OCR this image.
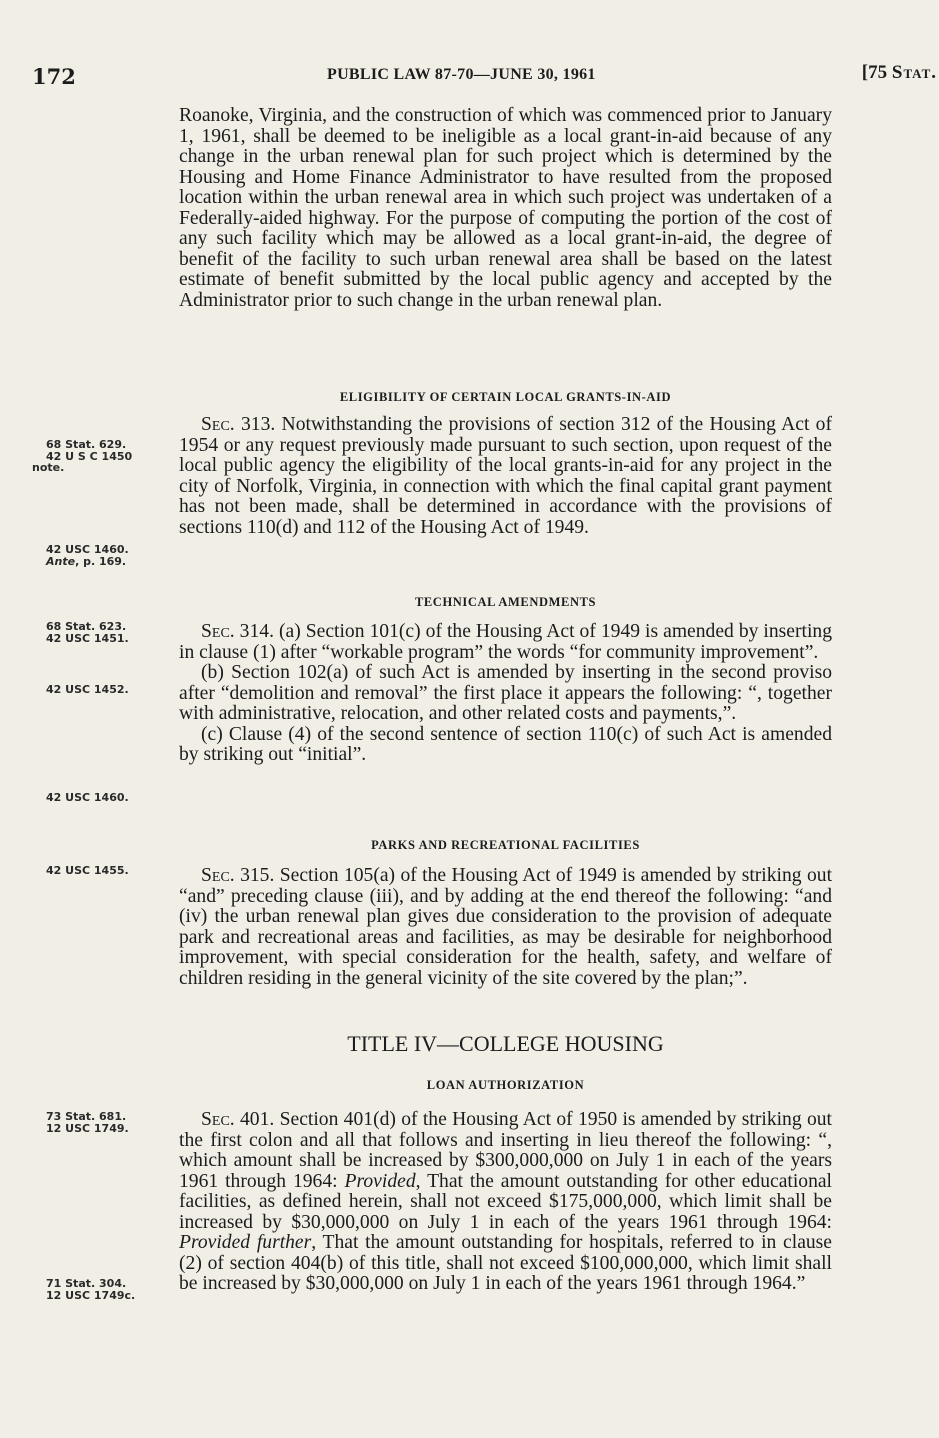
172	PUBLIC LAW 87-70—JUNE 30, 1961	[75 Stat.

Roanoke, Virginia, and the construction of which was commenced prior to January 1, 1961, shall be deemed to be ineligible as a local grant-in-aid because of any change in the urban renewal plan for such project which is determined by the Housing and Home Finance Administrator to have resulted from the proposed location within the urban renewal area in which such project was undertaken of a Federally-aided highway. For the purpose of computing the portion of the cost of any such facility which may be allowed as a local grant-in-aid, the degree of benefit of the facility to such urban renewal area shall be based on the latest estimate of benefit submitted by the local public agency and accepted by the Administrator prior to such change in the urban renewal plan.

ELIGIBILITY OF CERTAIN LOCAL GRANTS-IN-AID

Sec. 313. Notwithstanding the provisions of section 312 of the Housing Act of 1954 or any request previously made pursuant to such section, upon request of the local public agency the eligibility of the local grants-in-aid for any project in the city of Norfolk, Virginia, in connection with which the final capital grant payment has not been made, shall be determined in accordance with the provisions of sections 110(d) and 112 of the Housing Act of 1949.

TECHNICAL AMENDMENTS

Sec. 314. (a) Section 101(c) of the Housing Act of 1949 is amended by inserting in clause (1) after “workable program” the words “for community improvement”.

(b) Section 102(a) of such Act is amended by inserting in the second proviso after “demolition and removal” the first place it appears the following: “, together with administrative, relocation, and other related costs and payments,”.

(c) Clause (4) of the second sentence of section 110(c) of such Act is amended by striking out “initial”.

PARKS AND RECREATIONAL FACILITIES

Sec. 315. Section 105(a) of the Housing Act of 1949 is amended by striking out “and” preceding clause (iii), and by adding at the end thereof the following: “and (iv) the urban renewal plan gives due consideration to the provision of adequate park and recreational areas and facilities, as may be desirable for neighborhood improvement, with special consideration for the health, safety, and welfare of children residing in the general vicinity of the site covered by the plan;”.

TITLE IV—COLLEGE HOUSING
LOAN AUTHORIZATION

Sec. 401. Section 401(d) of the Housing Act of 1950 is amended by striking out the first colon and all that follows and inserting in lieu thereof the following: “, which amount shall be increased by $300,000,000 on July 1 in each of the years 1961 through 1964: Provided, That the amount outstanding for other educational facilities, as defined herein, shall not exceed $175,000,000, which limit shall be increased by $30,000,000 on July 1 in each of the years 1961 through 1964: Provided further, That the amount outstanding for hospitals, referred to in clause (2) of section 404(b) of this title, shall not exceed $100,000,000, which limit shall be increased by $30,000,000 on July 1 in each of the years 1961 through 1964.”

68 Stat. 629.
42 U S C 1450
note.
42 USC 1460.
Ante, p. 169.
68 Stat. 623.
42 USC 1451.
42 USC 1452.
42 USC 1460.
42 USC 1455.
73 Stat. 681.
12 USC 1749.
71 Stat. 304.
12 USC 1749c.
